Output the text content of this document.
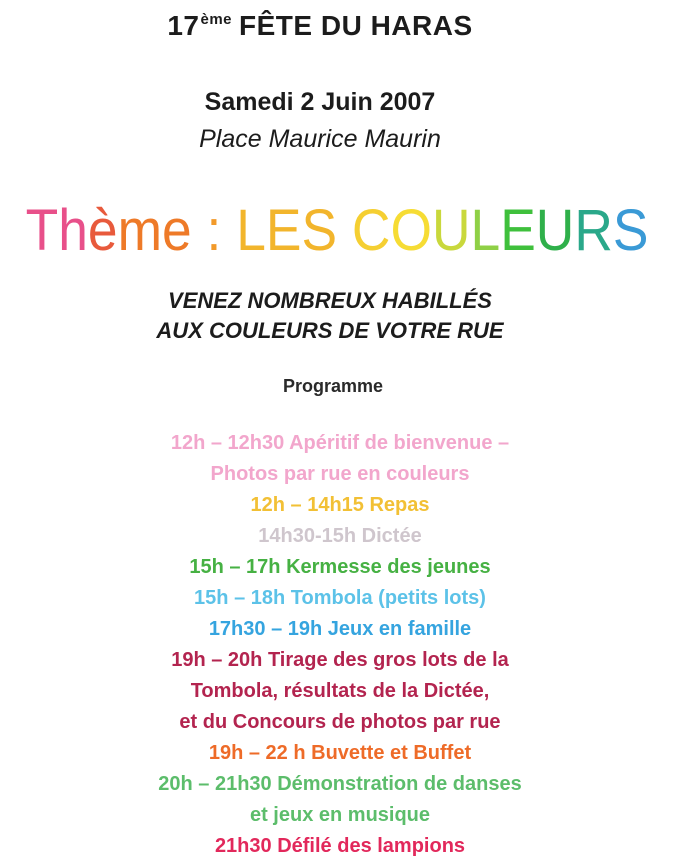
17ème FÊTE DU HARAS
Samedi 2 Juin 2007
Place Maurice Maurin
Thème : LES COULEURS
VENEZ NOMBREUX HABILLÉS
AUX COULEURS DE VOTRE RUE
Programme
12h – 12h30 Apéritif de bienvenue –
Photos par rue en couleurs
12h – 14h15 Repas
14h30-15h Dictée
15h – 17h Kermesse des jeunes
15h – 18h Tombola (petits lots)
17h30 – 19h Jeux en famille
19h – 20h Tirage des gros lots de la
Tombola, résultats de la Dictée,
et du Concours de photos par rue
19h – 22 h Buvette et Buffet
20h – 21h30 Démonstration de danses
et jeux en musique
21h30 Défilé des lampions
